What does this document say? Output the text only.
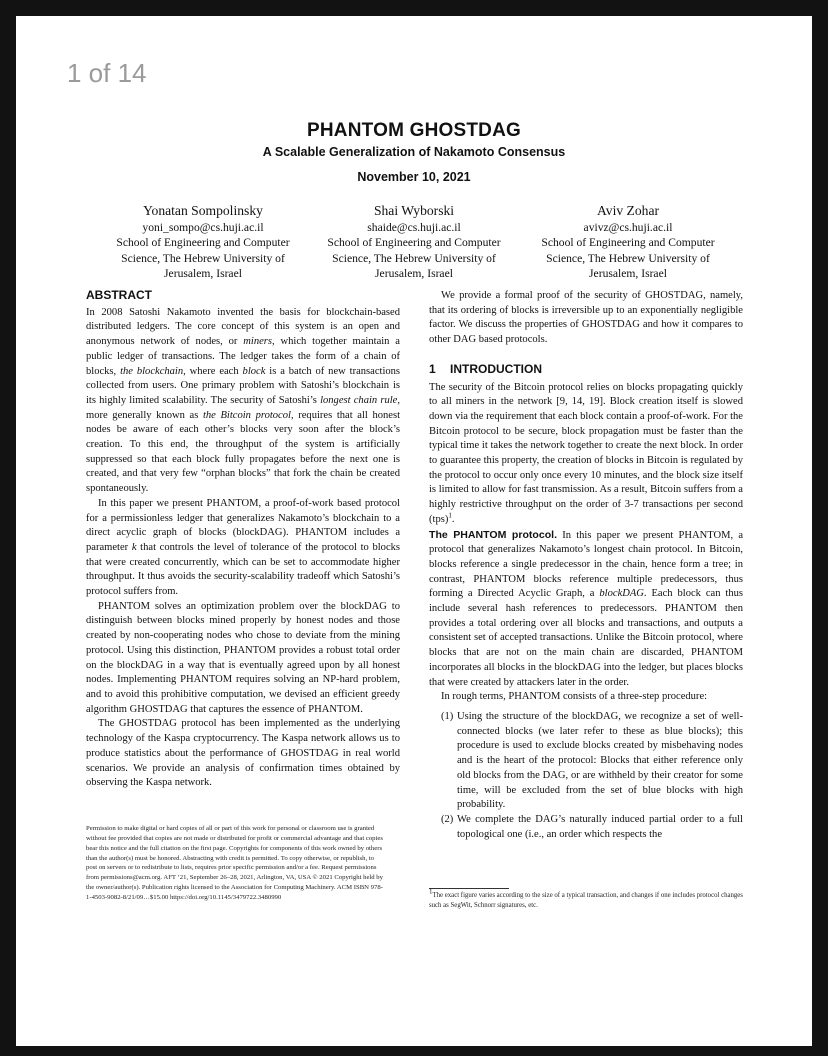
1 of 14
PHANTOM GHOSTDAG
A Scalable Generalization of Nakamoto Consensus
November 10, 2021
Yonatan Sompolinsky
yoni_sompo@cs.huji.ac.il
School of Engineering and Computer Science, The Hebrew University of Jerusalem, Israel
Shai Wyborski
shaide@cs.huji.ac.il
School of Engineering and Computer Science, The Hebrew University of Jerusalem, Israel
Aviv Zohar
avivz@cs.huji.ac.il
School of Engineering and Computer Science, The Hebrew University of Jerusalem, Israel
ABSTRACT

In 2008 Satoshi Nakamoto invented the basis for blockchain-based distributed ledgers. The core concept of this system is an open and anonymous network of nodes, or miners, which together maintain a public ledger of transactions. The ledger takes the form of a chain of blocks, the blockchain, where each block is a batch of new transactions collected from users. One primary problem with Satoshi’s blockchain is its highly limited scalability. The security of Satoshi’s longest chain rule, more generally known as the Bitcoin protocol, requires that all honest nodes be aware of each other’s blocks very soon after the block’s creation. To this end, the throughput of the system is artificially suppressed so that each block fully propagates before the next one is created, and that very few “orphan blocks” that fork the chain be created spontaneously.

In this paper we present PHANTOM, a proof-of-work based protocol for a permissionless ledger that generalizes Nakamoto’s blockchain to a direct acyclic graph of blocks (blockDAG). PHANTOM includes a parameter k that controls the level of tolerance of the protocol to blocks that were created concurrently, which can be set to accommodate higher throughput. It thus avoids the security-scalability tradeoff which Satoshi’s protocol suffers from.

PHANTOM solves an optimization problem over the blockDAG to distinguish between blocks mined properly by honest nodes and those created by non-cooperating nodes who chose to deviate from the mining protocol. Using this distinction, PHANTOM provides a robust total order on the blockDAG in a way that is eventually agreed upon by all honest nodes. Implementing PHANTOM requires solving an NP-hard problem, and to avoid this prohibitive computation, we devised an efficient greedy algorithm GHOSTDAG that captures the essence of PHANTOM.

The GHOSTDAG protocol has been implemented as the underlying technology of the Kaspa cryptocurrency. The Kaspa network allows us to produce statistics about the performance of GHOSTDAG in real world scenarios. We provide an analysis of confirmation times obtained by observing the Kaspa network.

Permission to make digital or hard copies of all or part of this work for personal or classroom use is granted without fee provided that copies are not made or distributed for profit or commercial advantage and that copies bear this notice and the full citation on the first page. Copyrights for components of this work owned by others than the author(s) must be honored. Abstracting with credit is permitted. To copy otherwise, or republish, to post on servers or to redistribute to lists, requires prior specific permission and/or a fee. Request permissions from permissions@acm.org. AFT ’21, September 26–28, 2021, Arlington, VA, USA © 2021 Copyright held by the owner/author(s). Publication rights licensed to the Association for Computing Machinery. ACM ISBN 978-1-4503-9082-8/21/09…$15.00 https://doi.org/10.1145/3479722.3480990

We provide a formal proof of the security of GHOSTDAG, namely, that its ordering of blocks is irreversible up to an exponentially negligible factor. We discuss the properties of GHOSTDAG and how it compares to other DAG based protocols.

1 INTRODUCTION

The security of the Bitcoin protocol relies on blocks propagating quickly to all miners in the network [9, 14, 19]. Block creation itself is slowed down via the requirement that each block contain a proof-of-work. For the Bitcoin protocol to be secure, block propagation must be faster than the typical time it takes the network together to create the next block. In order to guarantee this property, the creation of blocks in Bitcoin is regulated by the protocol to occur only once every 10 minutes, and the block size itself is limited to allow for fast transmission. As a result, Bitcoin suffers from a highly restrictive throughput on the order of 3-7 transactions per second (tps)$^1$.

The PHANTOM protocol. In this paper we present PHANTOM, a protocol that generalizes Nakamoto’s longest chain protocol. In Bitcoin, blocks reference a single predecessor in the chain, hence form a tree; in contrast, PHANTOM blocks reference multiple predecessors, thus forming a Directed Acyclic Graph, a blockDAG. Each block can thus include several hash references to predecessors. PHANTOM then provides a total ordering over all blocks and transactions, and outputs a consistent set of accepted transactions. Unlike the Bitcoin protocol, where blocks that are not on the main chain are discarded, PHANTOM incorporates all blocks in the blockDAG into the ledger, but places blocks that were created by attackers later in the order.

In rough terms, PHANTOM consists of a three-step procedure:

(1) Using the structure of the blockDAG, we recognize a set of well-connected blocks (we later refer to these as blue blocks); this procedure is used to exclude blocks created by misbehaving nodes and is the heart of the protocol: Blocks that either reference only old blocks from the DAG, or are withheld by their creator for some time, will be excluded from the set of blue blocks with high probability.
(2) We complete the DAG’s naturally induced partial order to a full topological one (i.e., an order which respects the
$^1$The exact figure varies according to the size of a typical transaction, and changes if one includes protocol changes such as SegWit, Schnorr signatures, etc.
